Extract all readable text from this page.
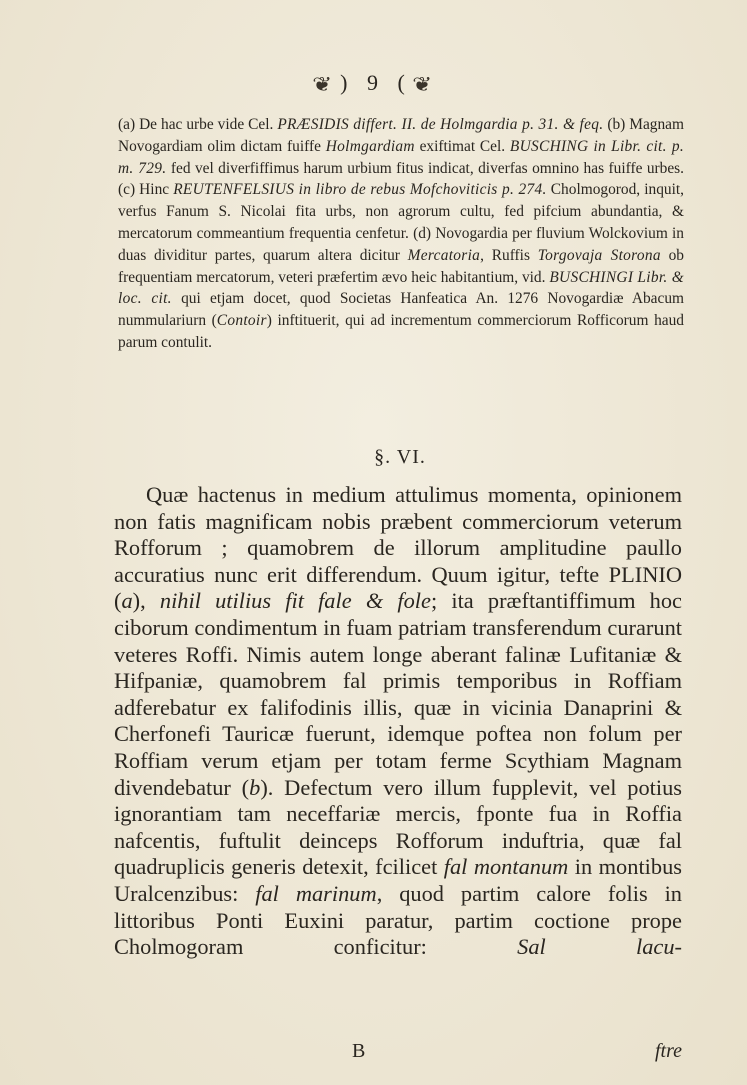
❦ ) 9 ( ❦

(a) De hac urbe vide Cel. PRÆSIDIS differt. II. de Holmgardia p. 31. & feq. (b) Magnam Novogardiam olim dictam fuiffe Holmgardiam exiftimat Cel. BUSCHING in Libr. cit. p. m. 729. fed vel diverfiffimus harum urbium fitus indicat, diverfas omnino has fuiffe urbes. (c) Hinc REUTENFELSIUS in libro de rebus Mofchoviticis p. 274. Cholmogorod, inquit, verfus Fanum S. Nicolai fita urbs, non agrorum cultu, fed pifcium abundantia, & mercatorum commeantium frequentia cenfetur. (d) Novogardia per fluvium Wolckovium in duas dividitur partes, quarum altera dicitur Mercatoria, Ruffis Torgovaja Storona ob frequentiam mercatorum, veteri præfertim ævo heic habitantium, vid. BUSCHINGI Libr. & loc. cit. qui etjam docet, quod Societas Hanfeatica An. 1276 Novogardiæ Abacum nummulariurn (Contoir) inftituerit, qui ad incrementum commerciorum Rofficorum haud parum contulit.

§. VI.

Quæ hactenus in medium attulimus momenta, opinionem non fatis magnificam nobis præbent commerciorum veterum Rofforum ; quamobrem de illorum amplitudine paullo accuratius nunc erit differendum. Quum igitur, tefte PLINIO (a), nihil utilius fit fale & fole; ita præftantiffimum hoc ciborum condimentum in fuam patriam transferendum curarunt veteres Roffi. Nimis autem longe aberant falinæ Lufitaniæ & Hifpaniæ, quamobrem fal primis temporibus in Roffiam adferebatur ex falifodinis illis, quæ in vicinia Danaprini & Cherfonefi Tauricæ fuerunt, idemque poftea non folum per Roffiam verum etjam per totam ferme Scythiam Magnam divendebatur (b). Defectum vero illum fupplevit, vel potius ignorantiam tam neceffariæ mercis, fponte fua in Roffia nafcentis, fuftulit deinceps Rofforum induftria, quæ fal quadruplicis generis detexit, fcilicet fal montanum in montibus Uralcenzibus: fal marinum, quod partim calore folis in littoribus Ponti Euxini paratur, partim coctione prope Cholmogoram conficitur: Sal lacu-

B	ftre
